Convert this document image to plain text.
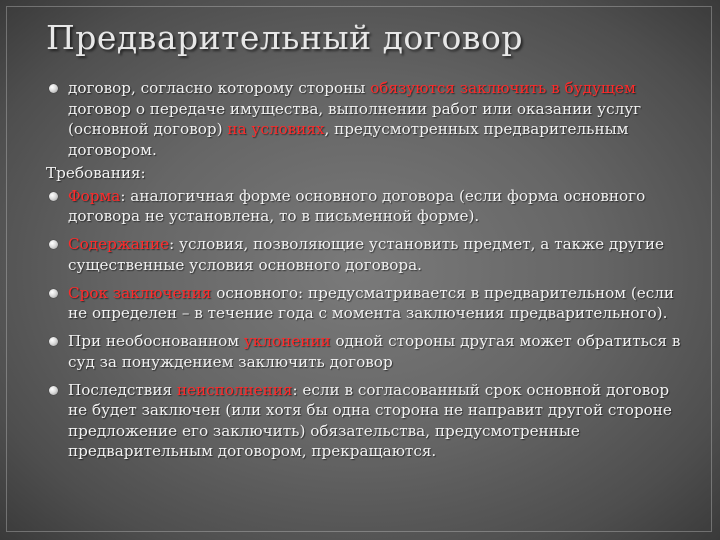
Предварительный договор
договор, согласно которому стороны обязуются заключить в будущем договор о передаче имущества, выполнении работ или оказании услуг (основной договор) на условиях, предусмотренных предварительным договором.
Требования:
Форма: аналогичная форме основного договора (если форма основного договора не установлена, то в письменной форме).
Содержание: условия, позволяющие установить предмет, а также другие существенные условия основного договора.
Срок заключения основного: предусматривается в предварительном (если не определен – в течение года с момента заключения предварительного).
При необоснованном уклонении одной стороны другая может обратиться в суд за понуждением заключить договор
Последствия неисполнения: если в согласованный срок основной договор не будет заключен (или хотя бы одна сторона не направит другой стороне предложение его заключить) обязательства, предусмотренные предварительным договором, прекращаются.
